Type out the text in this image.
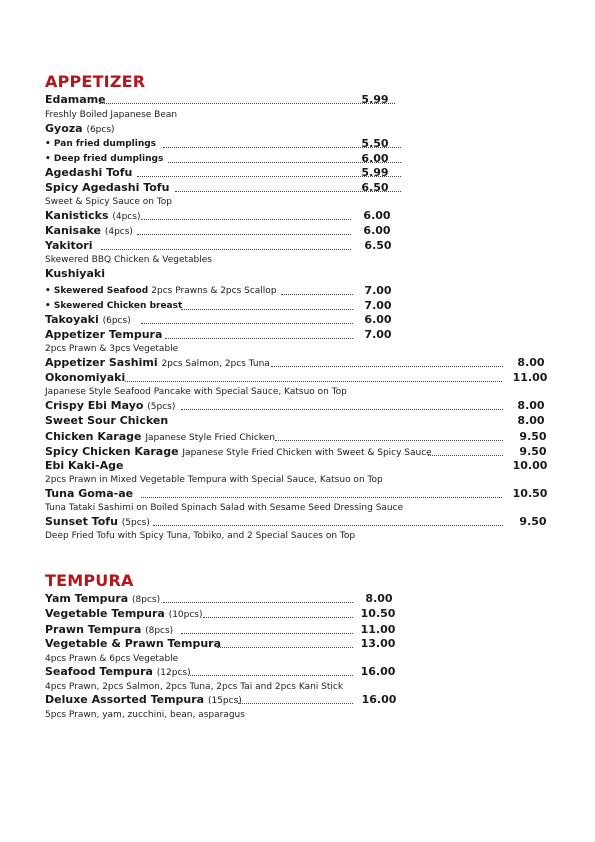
APPETIZER
Edamame	5.99
Freshly Boiled Japanese Bean
Gyoza (6pcs)
• Pan fried dumplings	5.50
• Deep fried dumplings	6.00
Agedashi Tofu	5.99
Spicy Agedashi Tofu	6.50
Sweet & Spicy Sauce on Top
Kanisticks (4pcs)	6.00
Kanisake (4pcs)	6.00
Yakitori	6.50
Skewered BBQ Chicken & Vegetables
Kushiyaki
• Skewered Seafood 2pcs Prawns & 2pcs Scallop	7.00
• Skewered Chicken breast	7.00
Takoyaki (6pcs)	6.00
Appetizer Tempura	7.00
2pcs Prawn & 3pcs Vegetable
Appetizer Sashimi 2pcs Salmon, 2pcs Tuna	8.00
Okonomiyaki	11.00
Japanese Style Seafood Pancake with Special Sauce, Katsuo on Top
Crispy Ebi Mayo (5pcs)	8.00
Sweet Sour Chicken	8.00
Chicken Karage Japanese Style Fried Chicken	9.50
Spicy Chicken Karage Japanese Style Fried Chicken with Sweet & Spicy Sauce	9.50
Ebi Kaki-Age	10.00
2pcs Prawn in Mixed Vegetable Tempura with Special Sauce, Katsuo on Top
Tuna Goma-ae	10.50
Tuna Tataki Sashimi on Boiled Spinach Salad with Sesame Seed Dressing Sauce
Sunset Tofu (5pcs)	9.50
Deep Fried Tofu with Spicy Tuna, Tobiko, and 2 Special Sauces on Top
TEMPURA
Yam Tempura (8pcs)	8.00
Vegetable Tempura (10pcs)	10.50
Prawn Tempura (8pcs)	11.00
Vegetable & Prawn Tempura	13.00
4pcs Prawn & 6pcs Vegetable
Seafood Tempura (12pcs)	16.00
4pcs Prawn, 2pcs Salmon, 2pcs Tuna, 2pcs Tai and 2pcs Kani Stick
Deluxe Assorted Tempura (15pcs)	16.00
5pcs Prawn, yam, zucchini, bean, asparagus
